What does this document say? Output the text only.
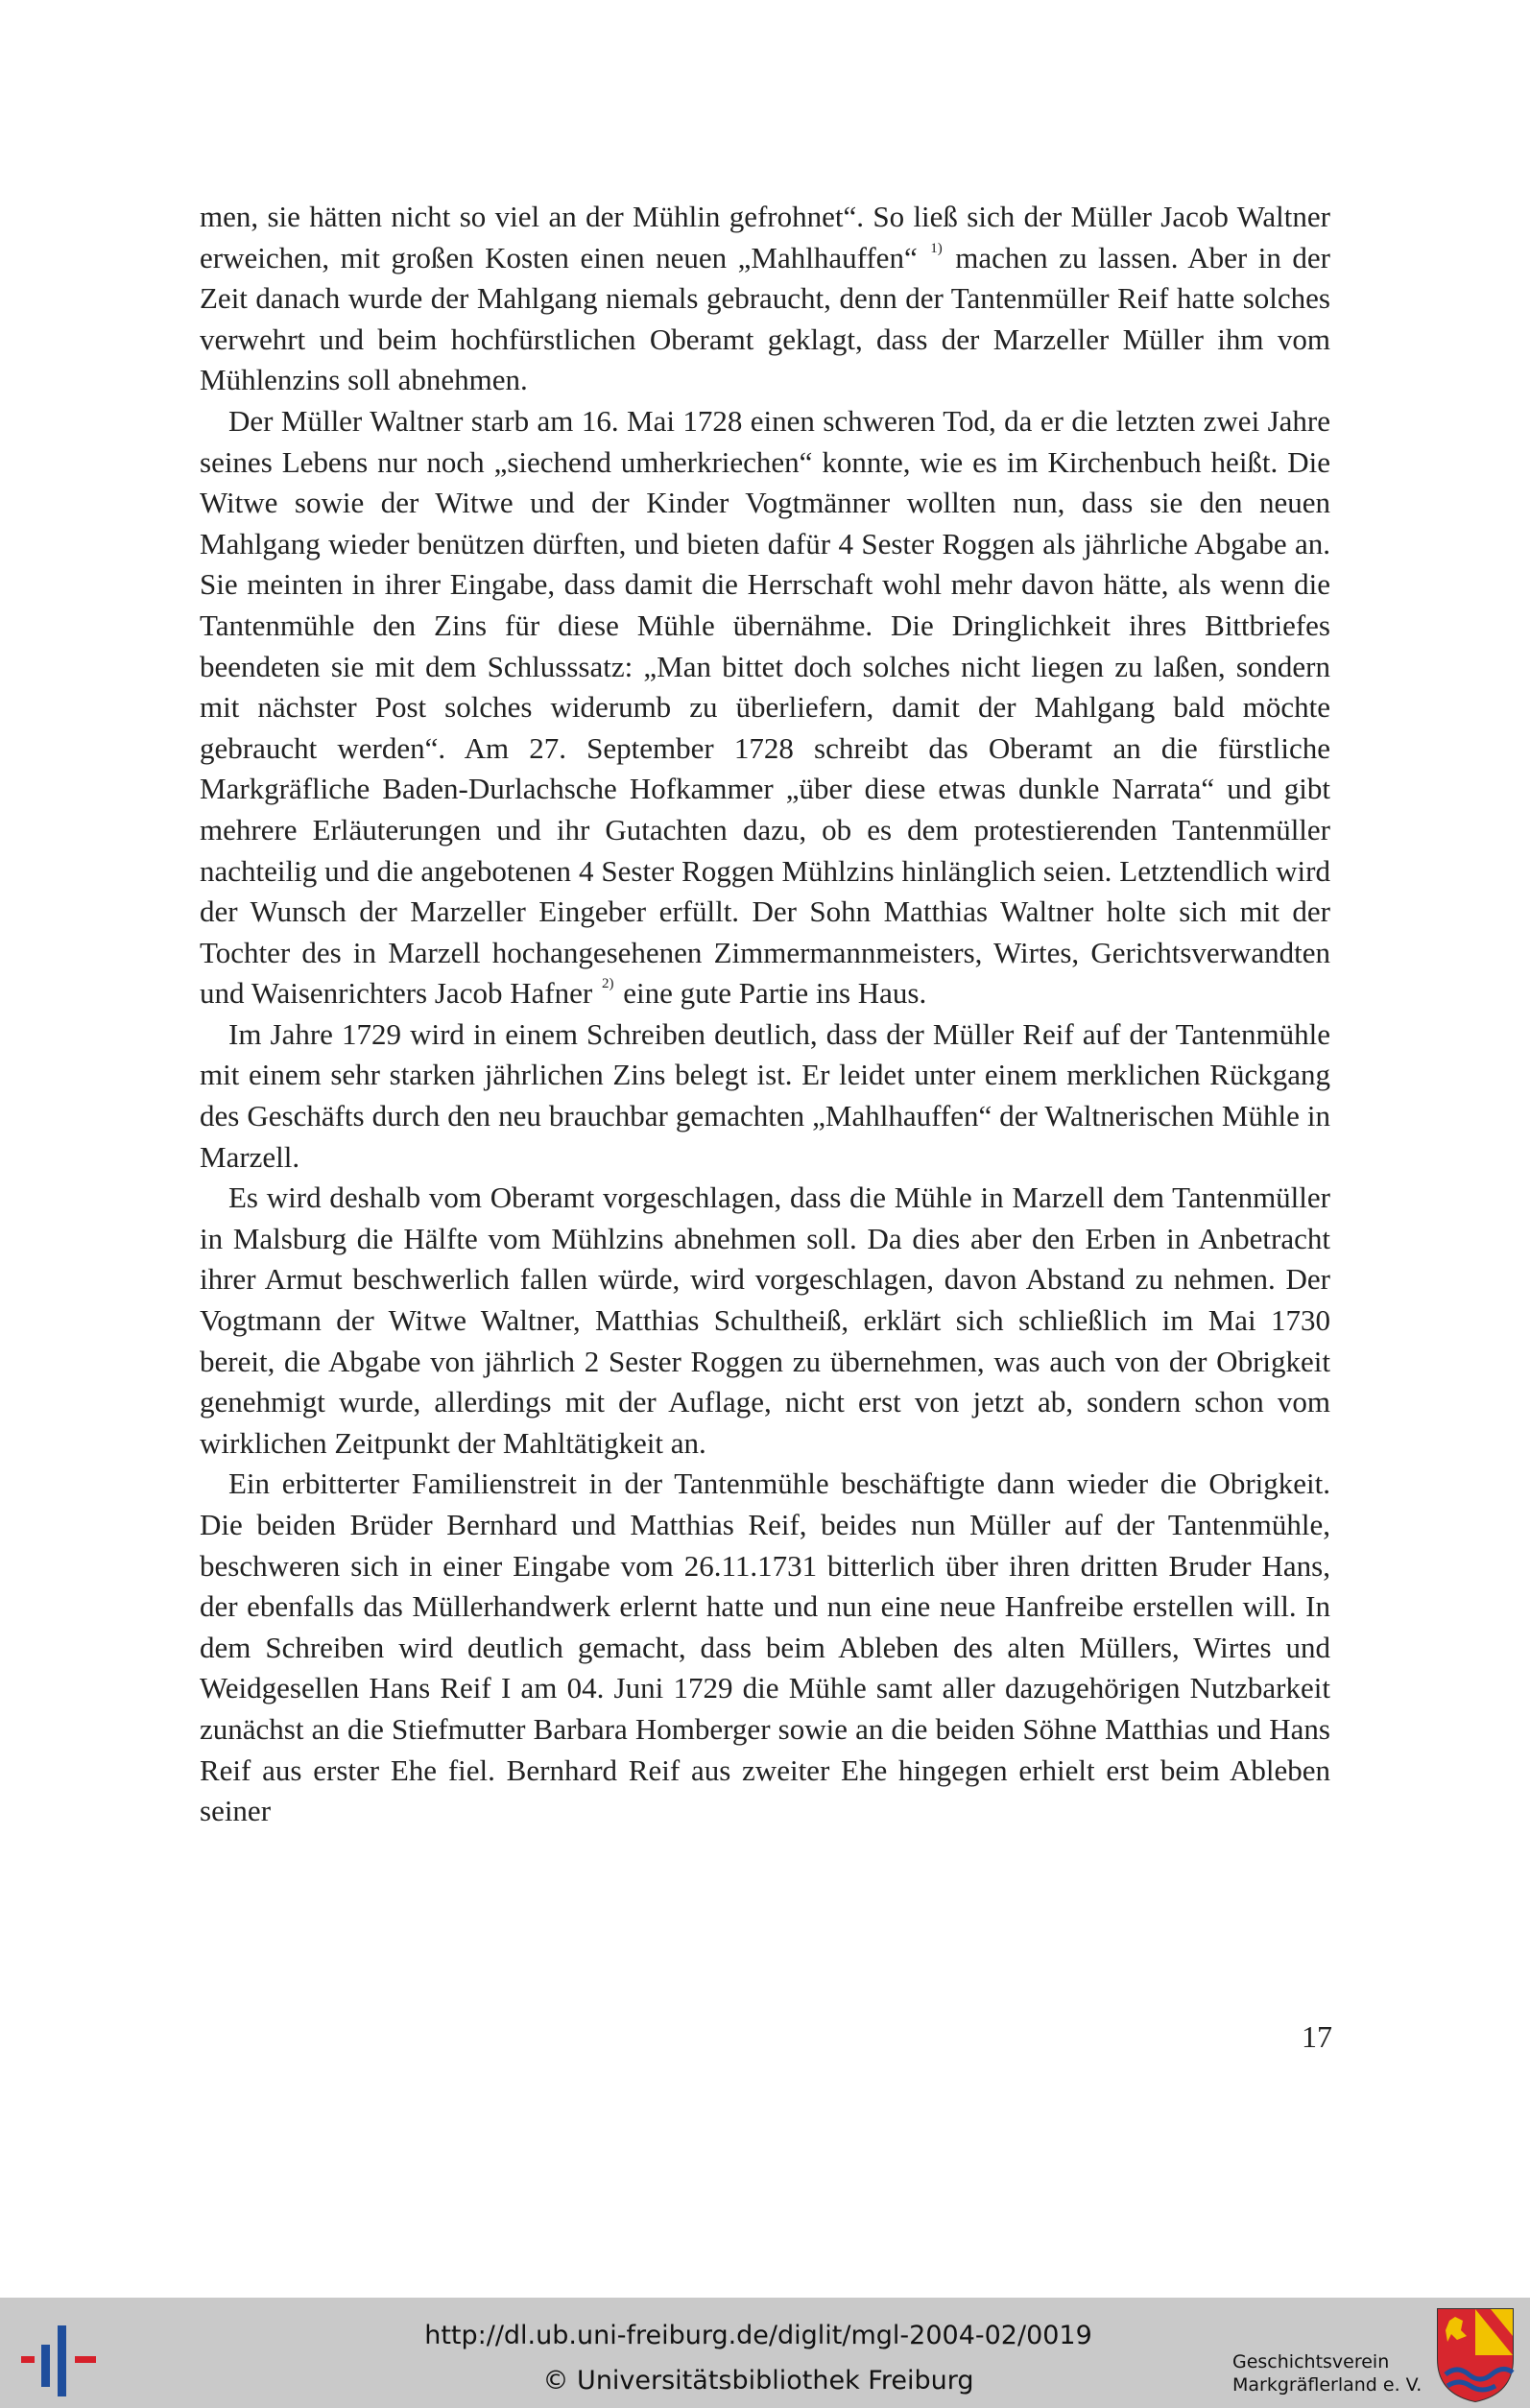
men, sie hätten nicht so viel an der Mühlin gefrohnet“. So ließ sich der Müller Jacob Waltner erweichen, mit großen Kosten einen neuen „Mahlhauffen“ $^{1)}$ machen zu lassen. Aber in der Zeit danach wurde der Mahlgang niemals gebraucht, denn der Tantenmüller Reif hatte solches verwehrt und beim hochfürstlichen Oberamt geklagt, dass der Marzeller Müller ihm vom Mühlenzins soll abnehmen.

Der Müller Waltner starb am 16. Mai 1728 einen schweren Tod, da er die letzten zwei Jahre seines Lebens nur noch „siechend umherkriechen“ konnte, wie es im Kirchenbuch heißt. Die Witwe sowie der Witwe und der Kinder Vogtmänner wollten nun, dass sie den neuen Mahlgang wieder benützen dürften, und bieten dafür 4 Sester Roggen als jährliche Abgabe an. Sie meinten in ihrer Eingabe, dass damit die Herrschaft wohl mehr davon hätte, als wenn die Tantenmühle den Zins für diese Mühle übernähme. Die Dringlichkeit ihres Bittbriefes beendeten sie mit dem Schlusssatz: „Man bittet doch solches nicht liegen zu laßen, sondern mit nächster Post solches widerumb zu überliefern, damit der Mahlgang bald möchte gebraucht werden“. Am 27. September 1728 schreibt das Oberamt an die fürstliche Markgräfliche Baden-Durlachsche Hofkammer „über diese etwas dunkle Narrata“ und gibt mehrere Erläuterungen und ihr Gutachten dazu, ob es dem protestierenden Tantenmüller nachteilig und die angebotenen 4 Sester Roggen Mühlzins hinlänglich seien. Letztendlich wird der Wunsch der Marzeller Eingeber erfüllt. Der Sohn Matthias Waltner holte sich mit der Tochter des in Marzell hochangesehenen Zimmermannmeisters, Wirtes, Gerichtsverwandten und Waisenrichters Jacob Hafner $^{2)}$ eine gute Partie ins Haus.

Im Jahre 1729 wird in einem Schreiben deutlich, dass der Müller Reif auf der Tantenmühle mit einem sehr starken jährlichen Zins belegt ist. Er leidet unter einem merklichen Rückgang des Geschäfts durch den neu brauchbar gemachten „Mahlhauffen“ der Waltnerischen Mühle in Marzell.

Es wird deshalb vom Oberamt vorgeschlagen, dass die Mühle in Marzell dem Tantenmüller in Malsburg die Hälfte vom Mühlzins abnehmen soll. Da dies aber den Erben in Anbetracht ihrer Armut beschwerlich fallen würde, wird vorgeschlagen, davon Abstand zu nehmen. Der Vogtmann der Witwe Waltner, Matthias Schultheiß, erklärt sich schließlich im Mai 1730 bereit, die Abgabe von jährlich 2 Sester Roggen zu übernehmen, was auch von der Obrigkeit genehmigt wurde, allerdings mit der Auflage, nicht erst von jetzt ab, sondern schon vom wirklichen Zeitpunkt der Mahltätigkeit an.

Ein erbitterter Familienstreit in der Tantenmühle beschäftigte dann wieder die Obrigkeit. Die beiden Brüder Bernhard und Matthias Reif, beides nun Müller auf der Tantenmühle, beschweren sich in einer Eingabe vom 26.11.1731 bitterlich über ihren dritten Bruder Hans, der ebenfalls das Müllerhandwerk erlernt hatte und nun eine neue Hanfreibe erstellen will. In dem Schreiben wird deutlich gemacht, dass beim Ableben des alten Müllers, Wirtes und Weidgesellen Hans Reif I am 04. Juni 1729 die Mühle samt aller dazugehörigen Nutzbarkeit zunächst an die Stiefmutter Barbara Homberger sowie an die beiden Söhne Matthias und Hans Reif aus erster Ehe fiel. Bernhard Reif aus zweiter Ehe hingegen erhielt erst beim Ableben seiner

17
http://dl.ub.uni-freiburg.de/diglit/mgl-2004-02/0019
© Universitätsbibliothek Freiburg
Geschichtsverein
Markgräflerland e. V.
